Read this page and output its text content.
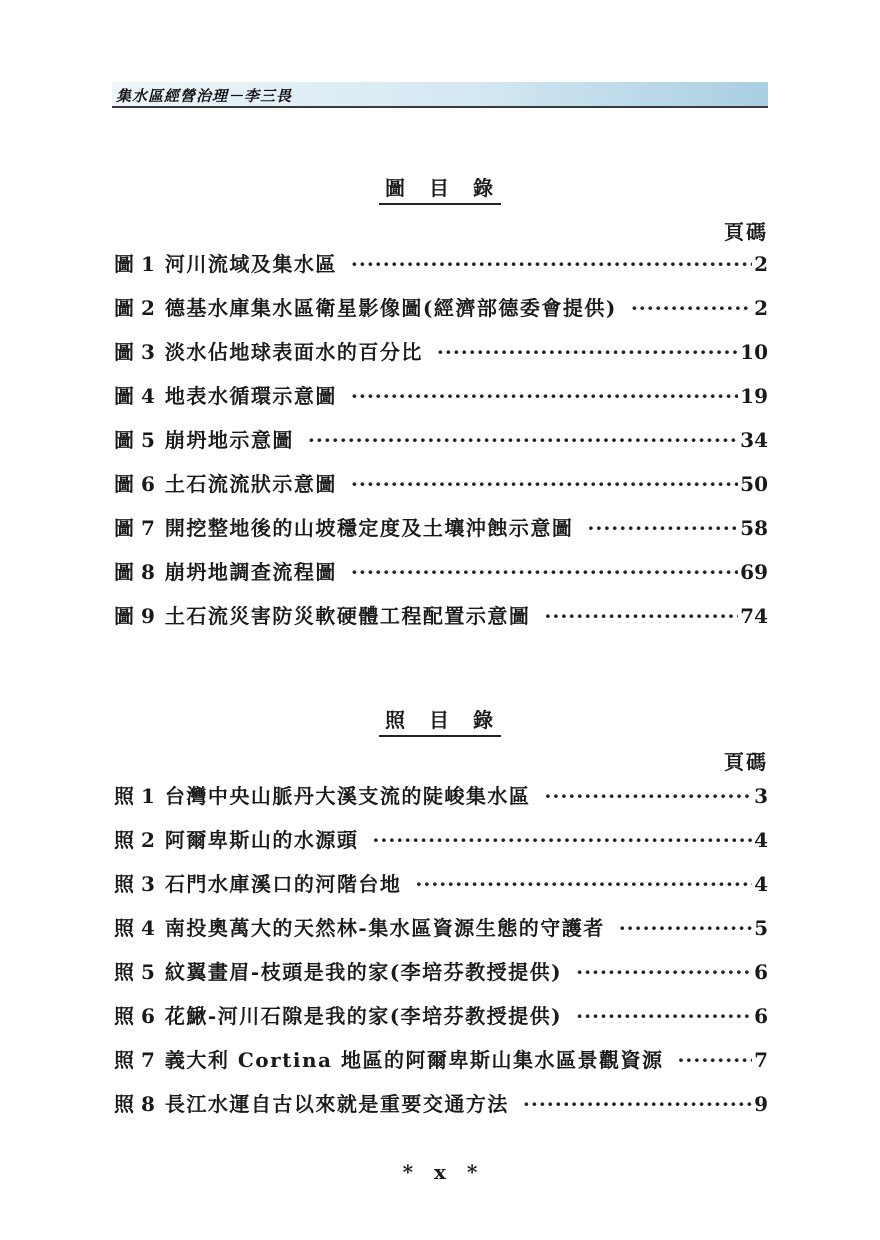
集水區經營治理－李三畏
圖　目　錄
頁碼
圖 1 河川流域及集水區 ·····	2
圖 2 德基水庫集水區衛星影像圖(經濟部德委會提供) ·····	2
圖 3 淡水佔地球表面水的百分比 ·····	10
圖 4 地表水循環示意圖 ·····	19
圖 5 崩坍地示意圖 ·····	34
圖 6 土石流流狀示意圖 ·····	50
圖 7 開挖整地後的山坡穩定度及土壤沖蝕示意圖 ·····	58
圖 8 崩坍地調查流程圖 ·····	69
圖 9 土石流災害防災軟硬體工程配置示意圖 ·····	74
照　目　錄
頁碼
照 1 台灣中央山脈丹大溪支流的陡峻集水區 ·····	3
照 2 阿爾卑斯山的水源頭 ·····	4
照 3 石門水庫溪口的河階台地 ·····	4
照 4 南投奧萬大的天然林-集水區資源生態的守護者 ·····	5
照 5 紋翼畫眉-枝頭是我的家(李培芬教授提供) ·····	6
照 6 花鰍-河川石隙是我的家(李培芬教授提供) ·····	6
照 7 義大利 Cortina 地區的阿爾卑斯山集水區景觀資源 ·····	7
照 8 長江水運自古以來就是重要交通方法 ·····	9
* x *
